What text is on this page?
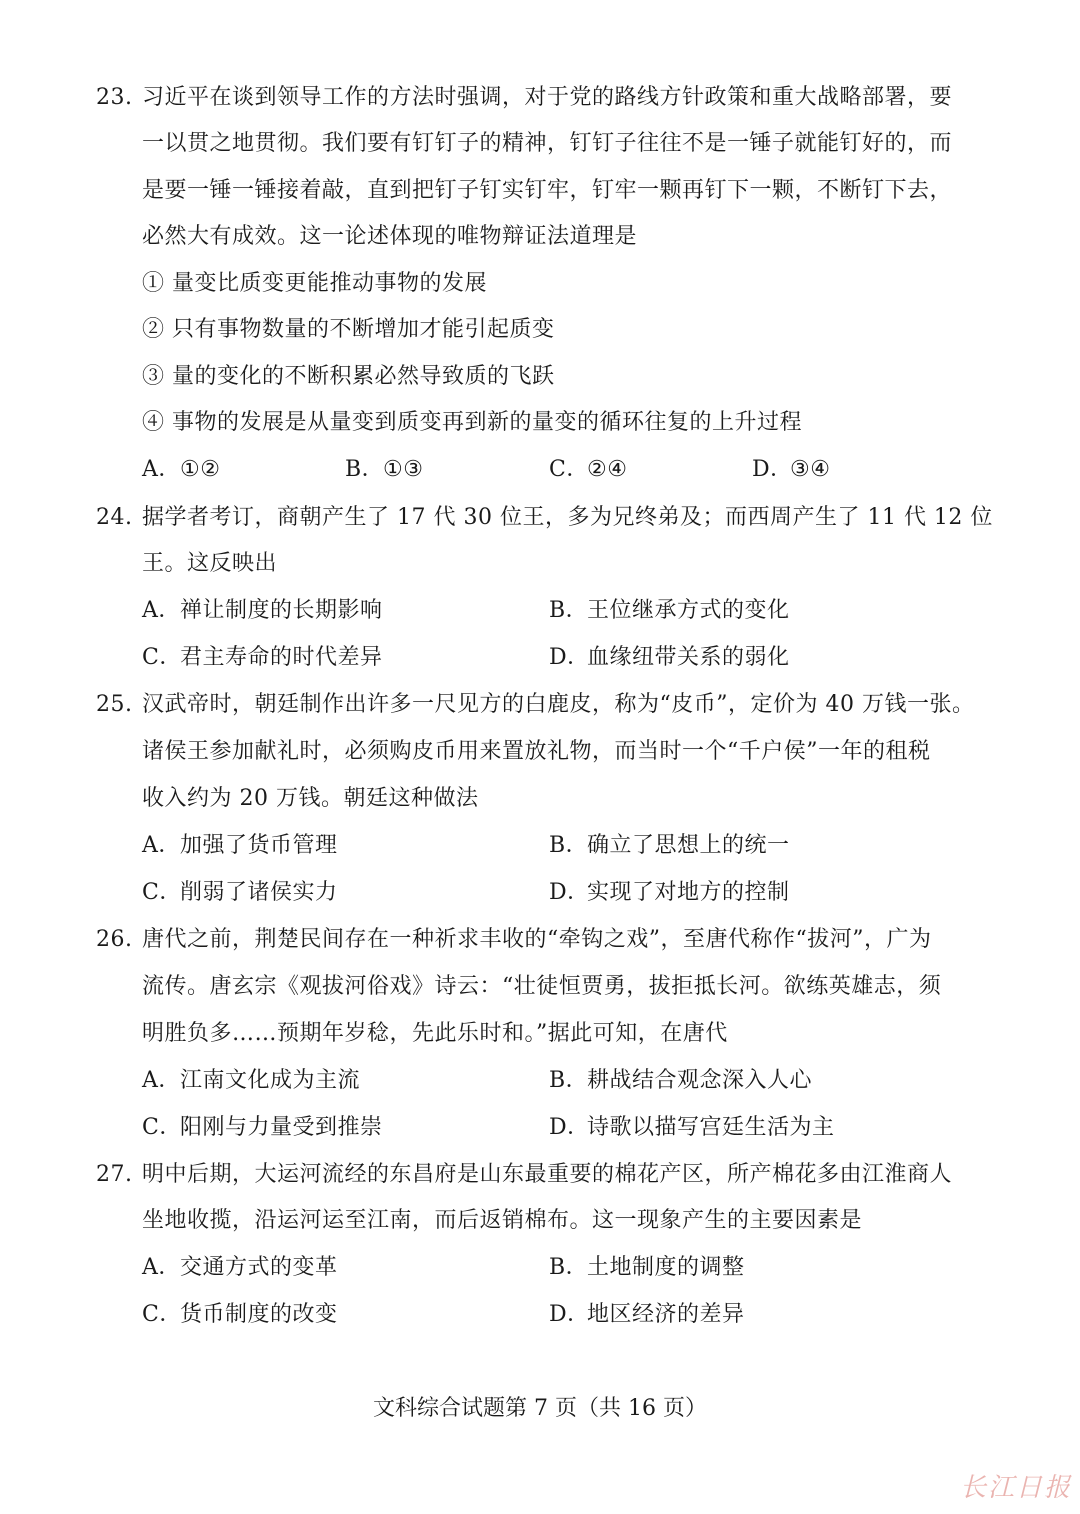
23. 习近平在谈到领导工作的方法时强调，对于党的路线方针政策和重大战略部署，要
一以贯之地贯彻。我们要有钉钉子的精神，钉钉子往往不是一锤子就能钉好的，而
是要一锤一锤接着敲，直到把钉子钉实钉牢，钉牢一颗再钉下一颗，不断钉下去，
必然大有成效。这一论述体现的唯物辩证法道理是
① 量变比质变更能推动事物的发展
② 只有事物数量的不断增加才能引起质变
③ 量的变化的不断积累必然导致质的飞跃
④ 事物的发展是从量变到质变再到新的量变的循环往复的上升过程
A．①②	B．①③	C．②④	D．③④
24. 据学者考订，商朝产生了 17 代 30 位王，多为兄终弟及；而西周产生了 11 代 12 位
王。这反映出
A．禅让制度的长期影响	B．王位继承方式的变化
C．君主寿命的时代差异	D．血缘纽带关系的弱化
25. 汉武帝时，朝廷制作出许多一尺见方的白鹿皮，称为“皮币”，定价为 40 万钱一张。
诸侯王参加献礼时，必须购皮币用来置放礼物，而当时一个“千户侯”一年的租税
收入约为 20 万钱。朝廷这种做法
A．加强了货币管理	B．确立了思想上的统一
C．削弱了诸侯实力	D．实现了对地方的控制
26. 唐代之前，荆楚民间存在一种祈求丰收的“牵钩之戏”，至唐代称作“拔河”，广为
流传。唐玄宗《观拔河俗戏》诗云：“壮徒恒贾勇，拔拒抵长河。欲练英雄志，须
明胜负多……预期年岁稔，先此乐时和。”据此可知，在唐代
A．江南文化成为主流	B．耕战结合观念深入人心
C．阳刚与力量受到推崇	D．诗歌以描写宫廷生活为主
27. 明中后期，大运河流经的东昌府是山东最重要的棉花产区，所产棉花多由江淮商人
坐地收揽，沿运河运至江南，而后返销棉布。这一现象产生的主要因素是
A．交通方式的变革	B．土地制度的调整
C．货币制度的改变	D．地区经济的差异
文科综合试题第 7 页（共 16 页）
长江日报
